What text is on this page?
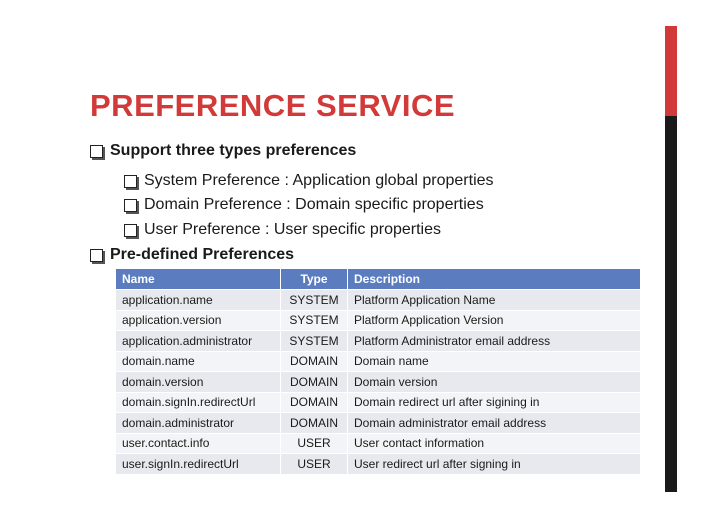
PREFERENCE SERVICE
Support three types preferences
System Preference : Application global properties
Domain Preference : Domain specific properties
User Preference : User specific properties
Pre-defined Preferences
Name	Type	Description
application.name	SYSTEM	Platform Application Name
application.version	SYSTEM	Platform Application Version
application.administrator	SYSTEM	Platform Administrator email address
domain.name	DOMAIN	Domain name
domain.version	DOMAIN	Domain version
domain.signIn.redirectUrl	DOMAIN	Domain redirect url after sigining in
domain.administrator	DOMAIN	Domain administrator email address
user.contact.info	USER	User contact information
user.signIn.redirectUrl	USER	User redirect url after signing in
